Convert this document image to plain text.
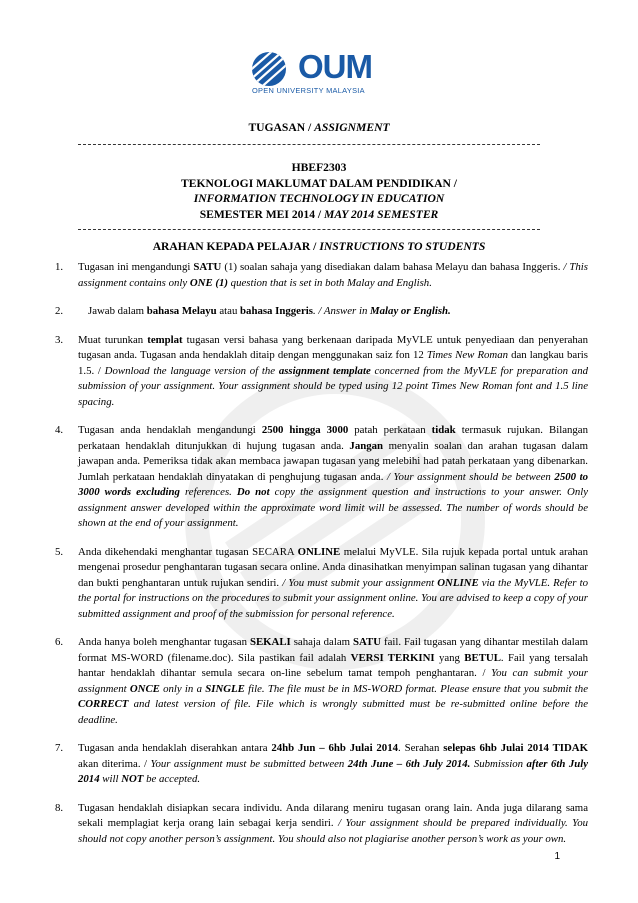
OUM
OPEN UNIVERSITY MALAYSIA
TUGASAN / ASSIGNMENT
HBEF2303
TEKNOLOGI MAKLUMAT DALAM PENDIDIKAN /
INFORMATION TECHNOLOGY IN EDUCATION
SEMESTER MEI 2014 / MAY 2014 SEMESTER
ARAHAN KEPADA PELAJAR / INSTRUCTIONS TO STUDENTS
1. Tugasan ini mengandungi SATU (1) soalan sahaja yang disediakan dalam bahasa Melayu dan bahasa Inggeris. / This assignment contains only ONE (1) question that is set in both Malay and English.
2.	Jawab dalam bahasa Melayu atau bahasa Inggeris. / Answer in Malay or English.
3. Muat turunkan templat tugasan versi bahasa yang berkenaan daripada MyVLE untuk penyediaan dan penyerahan tugasan anda. Tugasan anda hendaklah ditaip dengan menggunakan saiz fon 12 Times New Roman dan langkau baris 1.5. / Download the language version of the assignment template concerned from the MyVLE for preparation and submission of your assignment. Your assignment should be typed using 12 point Times New Roman font and 1.5 line spacing.
4. Tugasan anda hendaklah mengandungi 2500 hingga 3000 patah perkataan tidak termasuk rujukan. Bilangan perkataan hendaklah ditunjukkan di hujung tugasan anda. Jangan menyalin soalan dan arahan tugasan dalam jawapan anda. Pemeriksa tidak akan membaca jawapan tugasan yang melebihi had patah perkataan yang dibenarkan. Jumlah perkataan hendaklah dinyatakan di penghujung tugasan anda. / Your assignment should be between 2500 to 3000 words excluding references. Do not copy the assignment question and instructions to your answer. Only assignment answer developed within the approximate word limit will be assessed. The number of words should be shown at the end of your assignment.
5. Anda dikehendaki menghantar tugasan SECARA ONLINE melalui MyVLE. Sila rujuk kepada portal untuk arahan mengenai prosedur penghantaran tugasan secara online. Anda dinasihatkan menyimpan salinan tugasan yang dihantar dan bukti penghantaran untuk rujukan sendiri. / You must submit your assignment ONLINE via the MyVLE. Refer to the portal for instructions on the procedures to submit your assignment online. You are advised to keep a copy of your submitted assignment and proof of the submission for personal reference.
6. Anda hanya boleh menghantar tugasan SEKALI sahaja dalam SATU fail. Fail tugasan yang dihantar mestilah dalam format MS-WORD (filename.doc). Sila pastikan fail adalah VERSI TERKINI yang BETUL. Fail yang tersalah hantar hendaklah dihantar semula secara on-line sebelum tamat tempoh penghantaran. / You can submit your assignment ONCE only in a SINGLE file. The file must be in MS-WORD format. Please ensure that you submit the CORRECT and latest version of file. File which is wrongly submitted must be re-submitted online before the deadline.
7. Tugasan anda hendaklah diserahkan antara 24hb Jun – 6hb Julai 2014. Serahan selepas 6hb Julai 2014 TIDAK akan diterima. / Your assignment must be submitted between 24th June – 6th July 2014. Submission after 6th July 2014 will NOT be accepted.
8. Tugasan hendaklah disiapkan secara individu. Anda dilarang meniru tugasan orang lain. Anda juga dilarang sama sekali memplagiat kerja orang lain sebagai kerja sendiri. / Your assignment should be prepared individually. You should not copy another person’s assignment. You should also not plagiarise another person’s work as your own.
1
